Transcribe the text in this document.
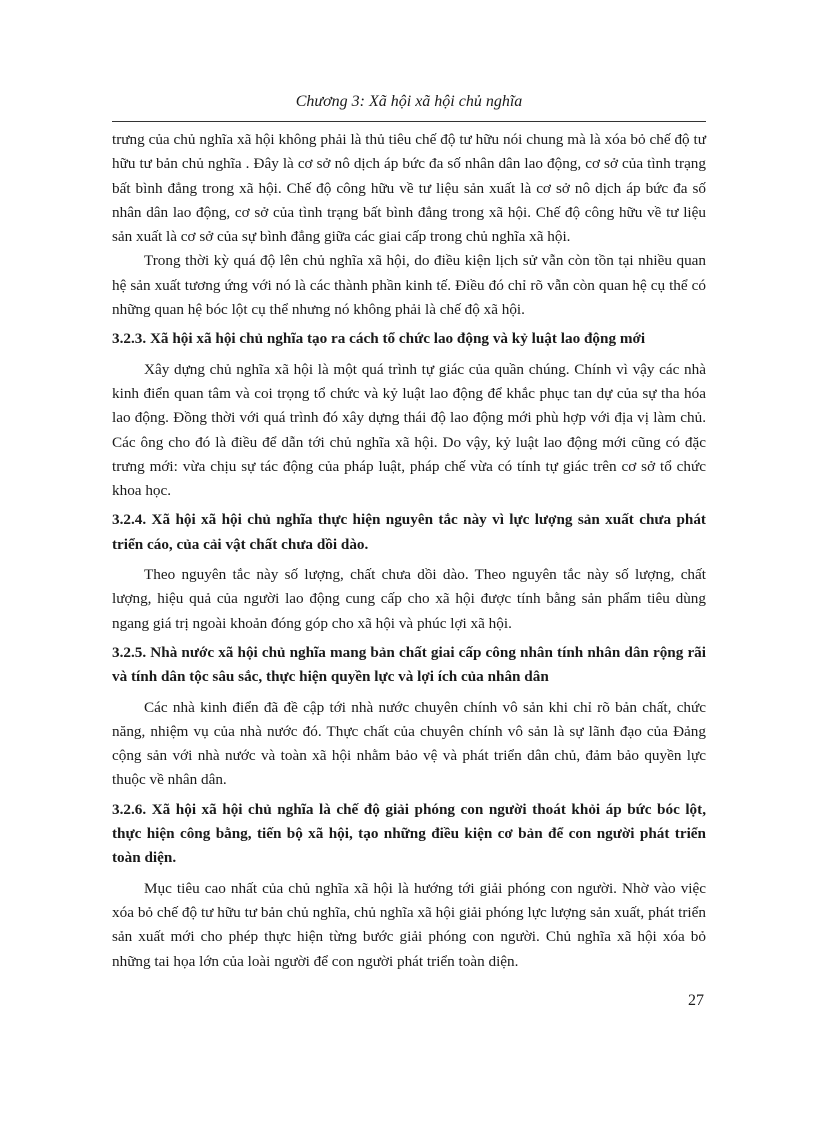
Chương 3: Xã hội xã hội chủ nghĩa

trưng của chủ nghĩa xã hội không phải là thủ tiêu chế độ tư hữu nói chung mà là xóa bỏ chế độ tư hữu tư bản chủ nghĩa . Đây là cơ sở nô dịch áp bức đa số nhân dân lao động, cơ sở của tình trạng bất bình đẳng trong xã hội. Chế độ công hữu về tư liệu sản xuất là cơ sở nô dịch áp bức đa số nhân dân lao động, cơ sở của tình trạng bất bình đẳng trong xã hội. Chế độ công hữu về tư liệu sản xuất là cơ sở của sự bình đẳng giữa các giai cấp trong chủ nghĩa xã hội.

Trong thời kỳ quá độ lên chủ nghĩa xã hội, do điều kiện lịch sử vẫn còn tồn tại nhiều quan hệ sản xuất tương ứng với nó là các thành phần kinh tế. Điều đó chỉ rõ vẫn còn quan hệ cụ thể có những quan hệ bóc lột cụ thể nhưng nó không phải là chế độ xã hội.

3.2.3. Xã hội xã hội chủ nghĩa tạo ra cách tổ chức lao động và kỷ luật lao động mới

Xây dựng chủ nghĩa xã hội là một quá trình tự giác của quần chúng. Chính vì vậy các nhà kinh điển quan tâm và coi trọng tổ chức và kỷ luật lao động để khắc phục tan dự của sự tha hóa lao động. Đồng thời với quá trình đó xây dựng thái độ lao động mới phù hợp với địa vị làm chủ. Các ông cho đó là điều để dẫn tới chủ nghĩa xã hội. Do vậy, kỷ luật lao động mới cũng có đặc trưng mới: vừa chịu sự tác động của pháp luật, pháp chế vừa có tính tự giác trên cơ sở tổ chức khoa học.

3.2.4. Xã hội xã hội chủ nghĩa thực hiện nguyên tắc này vì lực lượng sản xuất chưa phát triển cáo, của cải vật chất chưa dồi dào.

Theo nguyên tắc này số lượng, chất chưa dồi dào. Theo nguyên tắc này số lượng, chất lượng, hiệu quả của người lao động cung cấp cho xã hội được tính bằng sản phẩm tiêu dùng ngang giá trị ngoài khoản đóng góp cho xã hội và phúc lợi xã hội.

3.2.5. Nhà nước xã hội chủ nghĩa mang bản chất giai cấp công nhân tính nhân dân rộng rãi và tính dân tộc sâu sắc, thực hiện quyền lực và lợi ích của nhân dân

Các nhà kinh điển đã đề cập tới nhà nước chuyên chính vô sản khi chỉ rõ bản chất, chức năng, nhiệm vụ của nhà nước đó. Thực chất của chuyên chính vô sản là sự lãnh đạo của Đảng cộng sản với nhà nước và toàn xã hội nhằm bảo vệ và phát triển dân chủ, đảm bảo quyền lực thuộc về nhân dân.

3.2.6. Xã hội xã hội chủ nghĩa là chế độ giải phóng con người thoát khỏi áp bức bóc lột, thực hiện công bằng, tiến bộ xã hội, tạo những điều kiện cơ bản để con người phát triển toàn diện.

Mục tiêu cao nhất của chủ nghĩa xã hội là hướng tới giải phóng con người. Nhờ vào việc xóa bỏ chế độ tư hữu tư bản chủ nghĩa, chủ nghĩa xã hội giải phóng lực lượng sản xuất, phát triển sản xuất mới cho phép thực hiện từng bước giải phóng con người. Chủ nghĩa xã hội xóa bỏ những tai họa lớn của loài người để con người phát triển toàn diện.

27
